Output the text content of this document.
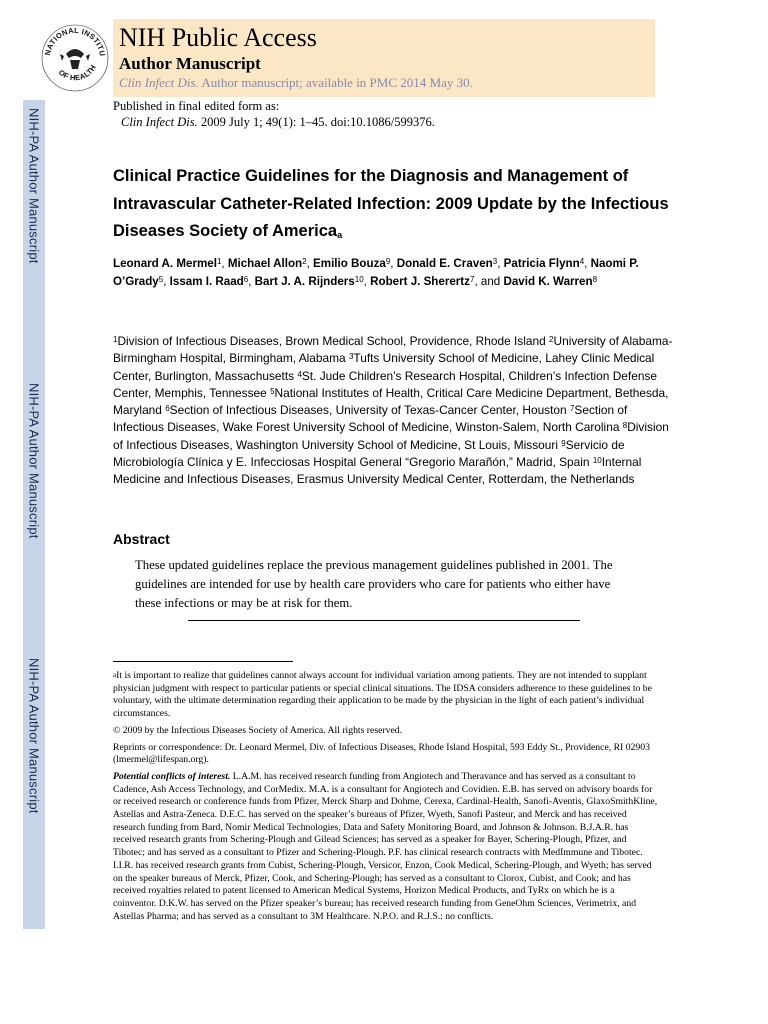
NIH-PA Author Manuscript
NIH-PA Author Manuscript
NIH-PA Author Manuscript
NATIONAL INSTITU
OF HEALTH
NIH Public Access
Author Manuscript
Clin Infect Dis. Author manuscript; available in PMC 2014 May 30.
Published in final edited form as:
Clin Infect Dis. 2009 July 1; 49(1): 1–45. doi:10.1086/599376.
Clinical Practice Guidelines for the Diagnosis and Management of Intravascular Catheter-Related Infection: 2009 Update by the Infectious Diseases Society of America$^a$
Leonard A. Mermel$^1$, Michael Allon$^2$, Emilio Bouza$^9$, Donald E. Craven$^3$, Patricia Flynn$^4$, Naomi P. O’Grady$^5$, Issam I. Raad$^6$, Bart J. A. Rijnders$^{10}$, Robert J. Sherertz$^7$, and David K. Warren$^8$
$^1$Division of Infectious Diseases, Brown Medical School, Providence, Rhode Island $^2$University of Alabama-Birmingham Hospital, Birmingham, Alabama $^3$Tufts University School of Medicine, Lahey Clinic Medical Center, Burlington, Massachusetts $^4$St. Jude Children’s Research Hospital, Children’s Infection Defense Center, Memphis, Tennessee $^5$National Institutes of Health, Critical Care Medicine Department, Bethesda, Maryland $^6$Section of Infectious Diseases, University of Texas-Cancer Center, Houston $^7$Section of Infectious Diseases, Wake Forest University School of Medicine, Winston-Salem, North Carolina $^8$Division of Infectious Diseases, Washington University School of Medicine, St Louis, Missouri $^9$Servicio de Microbiología Clínica y E. Infecciosas Hospital General “Gregorio Marañón,” Madrid, Spain $^{10}$Internal Medicine and Infectious Diseases, Erasmus University Medical Center, Rotterdam, the Netherlands
Abstract
These updated guidelines replace the previous management guidelines published in 2001. The guidelines are intended for use by health care providers who care for patients who either have these infections or may be at risk for them.

$^a$It is important to realize that guidelines cannot always account for individual variation among patients. They are not intended to supplant physician judgment with respect to particular patients or special clinical situations. The IDSA considers adherence to these guidelines to be voluntary, with the ultimate determination regarding their application to be made by the physician in the light of each patient’s individual circumstances.

© 2009 by the Infectious Diseases Society of America. All rights reserved.

Reprints or correspondence: Dr. Leonard Mermel, Div. of Infectious Diseases, Rhode Island Hospital, 593 Eddy St., Providence, RI 02903 (lmermel@lifespan.org).

Potential conflicts of interest. L.A.M. has received research funding from Angiotech and Theravance and has served as a consultant to Cadence, Ash Access Technology, and CorMedix. M.A. is a consultant for Angiotech and Covidien. E.B. has served on advisory boards for or received research or conference funds from Pfizer, Merck Sharp and Dohme, Cerexa, Cardinal-Health, Sanofi-Aventis, GlaxoSmithKline, Astellas and Astra-Zeneca. D.E.C. has served on the speaker’s bureaus of Pfizer, Wyeth, Sanofi Pasteur, and Merck and has received research funding from Bard, Nomir Medical Technologies, Data and Safety Monitoring Board, and Johnson & Johnson. B.J.A.R. has received research grants from Schering-Plough and Gilead Sciences; has served as a speaker for Bayer, Schering-Plough, Pfizer, and Tibotec; and has served as a consultant to Pfizer and Schering-Plough. P.F. has clinical research contracts with MedImmune and Tibotec. I.I.R. has received research grants from Cubist, Schering-Plough, Versicor, Enzon, Cook Medical, Schering-Plough, and Wyeth; has served on the speaker bureaus of Merck, Pfizer, Cook, and Schering-Plough; has served as a consultant to Clorox, Cubist, and Cook; and has received royalties related to patent licensed to American Medical Systems, Horizon Medical Products, and TyRx on which he is a coinventor. D.K.W. has served on the Pfizer speaker’s bureau; has received research funding from GeneOhm Sciences, Verimetrix, and Astellas Pharma; and has served as a consultant to 3M Healthcare. N.P.O. and R.J.S.: no conflicts.
